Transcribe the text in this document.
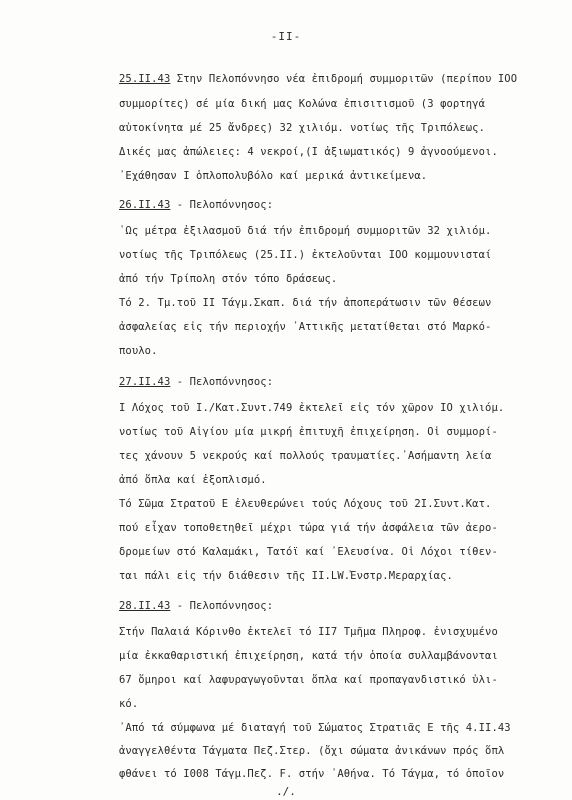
-II-
25.II.43 Στην Πελοπόννησο νέα ἐπιδρομή συμμοριτῶν (περίπου ΙΟΟ
συμμορίτες) σέ μία δική μας Κολώνα ἐπισιτισμοῦ (3 φορτηγά
αὐτοκίνητα μέ 25 ἄνδρες) 32 χιλιόμ. νοτίως τῆς Τριπόλεως.
Δικές μας ἀπώλειες: 4 νεκροί,(Ι ἀξιωματικός) 9 ἀγνοούμενοι.
᾿Εχάθησαν Ι ὁπλοπολυβόλο καί μερικά ἀντικείμενα.
26.II.43 - Πελοπόννησος:
῾Ως μέτρα ἐξιλασμοῦ διά τήν ἐπιδρομή συμμοριτῶν 32 χιλιόμ.
νοτίως τῆς Τριπόλεως (25.ΙΙ.) ἐκτελοῦνται ΙΟΟ κομμουνισταί
ἀπό τήν Τρίπολη στόν τόπο δράσεως.
Τό 2. Τμ.τοῦ ΙΙ Τάγμ.Σκαπ. διά τήν ἀποπεράτωσιν τῶν θέσεων
ἀσφαλείας εἰς τήν περιοχήν ᾿Αττικῆς μετατίθεται στό Μαρκό-
πουλο.
27.II.43 - Πελοπόννησος:
Ι Λόχος τοῦ Ι./Κατ.Συντ.749 ἐκτελεῖ εἰς τόν χῶρον ΙΟ χιλιόμ.
νοτίως τοῦ Αἰγίου μία μικρή ἐπιτυχῆ ἐπιχείρηση. Οἱ συμμορί-
τες χάνουν 5 νεκρούς καί πολλούς τραυματίες.᾿Ασήμαντη λεία
ἀπό ὅπλα καί ἐξοπλισμό.
Τό Σῶμα Στρατοῦ Ε ἐλευθερώνει τούς Λόχους τοῦ 2Ι.Συντ.Κατ.
πού εἶχαν τοποθετηθεῖ μέχρι τώρα γιά τήν ἀσφάλεια τῶν ἀερο-
δρομείων στό Καλαμάκι, Τατόϊ καί ᾿Ελευσίνα. Οἱ Λόχοι τίθεν-
ται πάλι εἰς τήν διάθεσιν τῆς ΙΙ.LW.Ἐνστρ.Μεραρχίας.
28.II.43 - Πελοπόννησος:
Στήν Παλαιά Κόρινθο ἐκτελεῖ τό ΙΙ7 Τμῆμα Πληροφ. ἐνισχυμένο
μία ἐκκαθαριστική ἐπιχείρηση, κατά τήν ὁποία συλλαμβάνονται
67 ὅμηροι καί λαφυραγωγοῦνται ὅπλα καί προπαγανδιστικό ὑλι-
κό.
᾿Από τά σύμφωνα μέ διαταγή τοῦ Σώματος Στρατιᾶς Ε τῆς 4.ΙΙ.43
ἀναγγελθέντα Τάγματα Πεζ.Στερ. (ὄχι σώματα ἀνικάνων πρός ὅπλ
φθάνει τό Ι008 Τάγμ.Πεζ. F. στήν ᾿Αθήνα. Τό Τάγμα, τό ὁποῖον
./.
